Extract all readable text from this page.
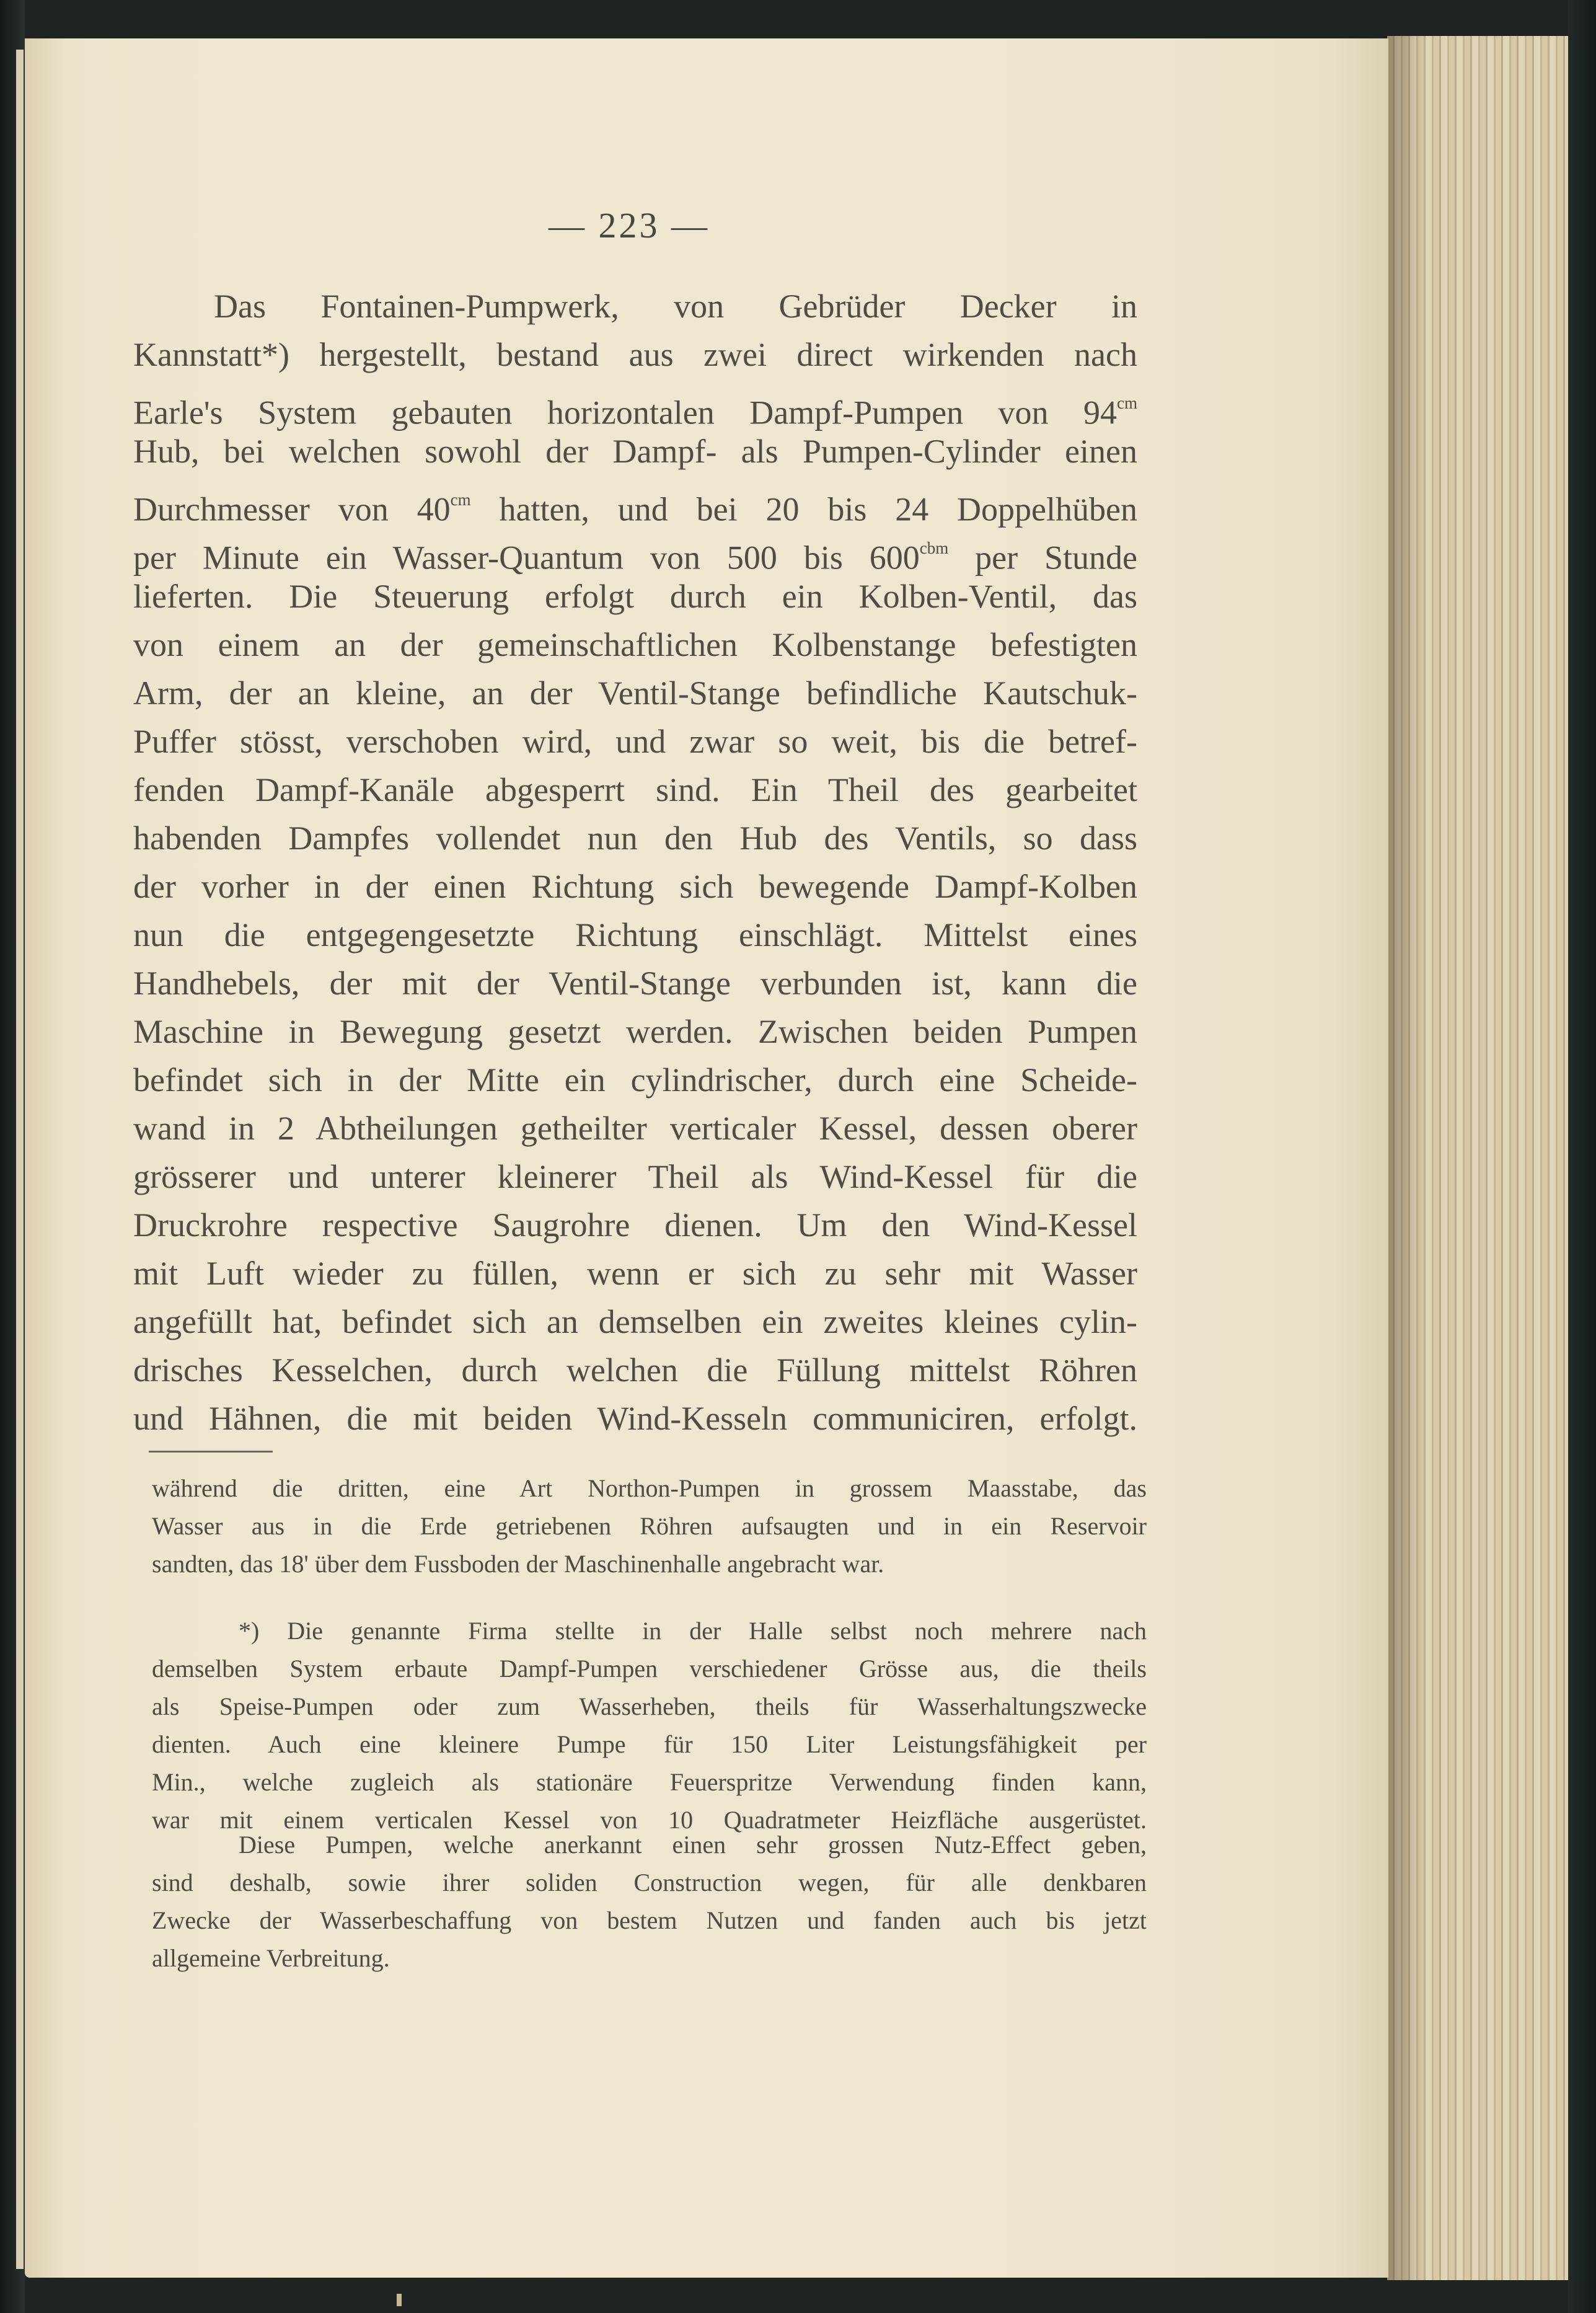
— 223 —
Das Fontainen-Pumpwerk, von Gebrüder Decker in
Kannstatt*) hergestellt, bestand aus zwei direct wirkenden nach
Earle's System gebauten horizontalen Dampf-Pumpen von $94^{cm}$
Hub, bei welchen sowohl der Dampf- als Pumpen-Cylinder einen
Durchmesser von $40^{cm}$ hatten, und bei 20 bis 24 Doppelhüben
per Minute ein Wasser-Quantum von 500 bis $600^{cbm}$ per Stunde
lieferten. Die Steuerung erfolgt durch ein Kolben-Ventil, das
von einem an der gemeinschaftlichen Kolbenstange befestigten
Arm, der an kleine, an der Ventil-Stange befindliche Kautschuk-
Puffer stösst, verschoben wird, und zwar so weit, bis die betref-
fenden Dampf-Kanäle abgesperrt sind. Ein Theil des gearbeitet
habenden Dampfes vollendet nun den Hub des Ventils, so dass
der vorher in der einen Richtung sich bewegende Dampf-Kolben
nun die entgegengesetzte Richtung einschlägt. Mittelst eines
Handhebels, der mit der Ventil-Stange verbunden ist, kann die
Maschine in Bewegung gesetzt werden. Zwischen beiden Pumpen
befindet sich in der Mitte ein cylindrischer, durch eine Scheide-
wand in 2 Abtheilungen getheilter verticaler Kessel, dessen oberer
grösserer und unterer kleinerer Theil als Wind-Kessel für die
Druckrohre respective Saugrohre dienen. Um den Wind-Kessel
mit Luft wieder zu füllen, wenn er sich zu sehr mit Wasser
angefüllt hat, befindet sich an demselben ein zweites kleines cylin-
drisches Kesselchen, durch welchen die Füllung mittelst Röhren
und Hähnen, die mit beiden Wind-Kesseln communiciren, erfolgt.
während die dritten, eine Art Northon-Pumpen in grossem Maasstabe, das
Wasser aus in die Erde getriebenen Röhren aufsaugten und in ein Reservoir
sandten, das 18' über dem Fussboden der Maschinenhalle angebracht war.
*) Die genannte Firma stellte in der Halle selbst noch mehrere nach
demselben System erbaute Dampf-Pumpen verschiedener Grösse aus, die theils
als Speise-Pumpen oder zum Wasserheben, theils für Wasserhaltungszwecke
dienten. Auch eine kleinere Pumpe für 150 Liter Leistungsfähigkeit per
Min., welche zugleich als stationäre Feuerspritze Verwendung finden kann,
war mit einem verticalen Kessel von 10 Quadratmeter Heizfläche ausgerüstet.
Diese Pumpen, welche anerkannt einen sehr grossen Nutz-Effect geben,
sind deshalb, sowie ihrer soliden Construction wegen, für alle denkbaren
Zwecke der Wasserbeschaffung von bestem Nutzen und fanden auch bis jetzt
allgemeine Verbreitung.
